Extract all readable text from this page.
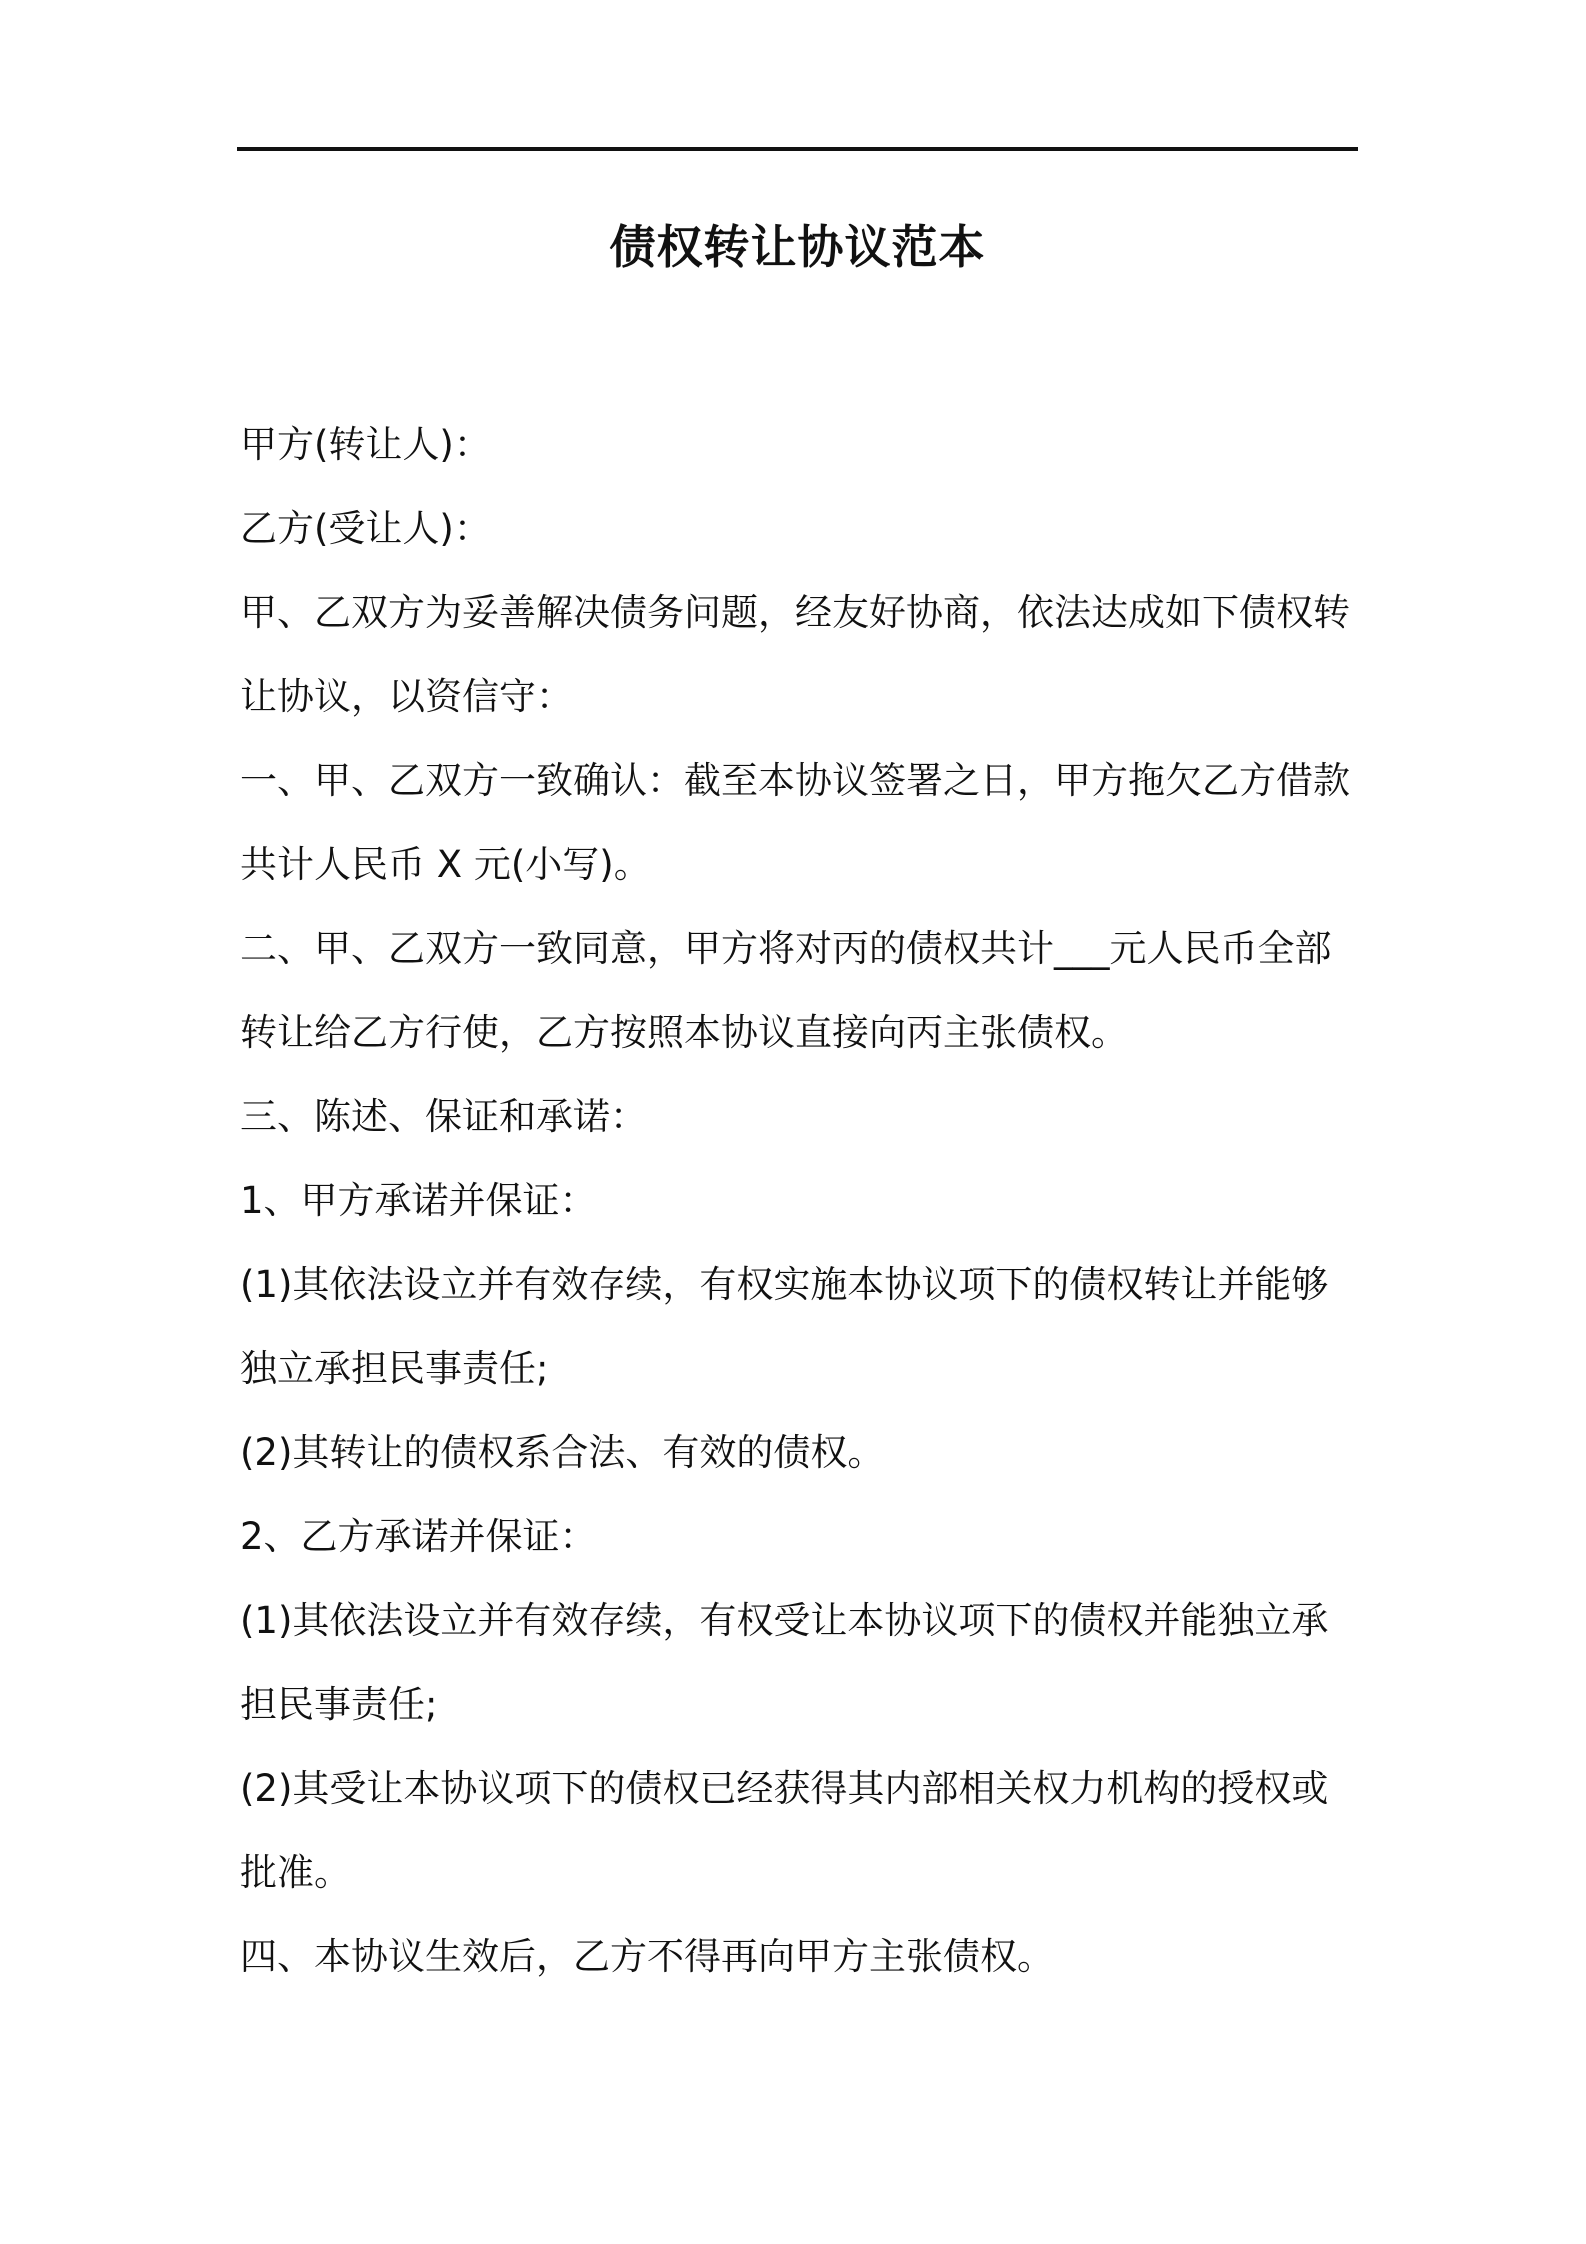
债权转让协议范本

甲方(转让人)：

乙方(受让人)：

甲、乙双方为妥善解决债务问题，经友好协商，依法达成如下债权转让协议，以资信守：

一、甲、乙双方一致确认：截至本协议签署之日，甲方拖欠乙方借款共计人民币 X 元(小写)。

二、甲、乙双方一致同意，甲方将对丙的债权共计___元人民币全部转让给乙方行使，乙方按照本协议直接向丙主张债权。

三、陈述、保证和承诺：

1、甲方承诺并保证：

(1)其依法设立并有效存续，有权实施本协议项下的债权转让并能够独立承担民事责任;

(2)其转让的债权系合法、有效的债权。

2、乙方承诺并保证：

(1)其依法设立并有效存续，有权受让本协议项下的债权并能独立承担民事责任;

(2)其受让本协议项下的债权已经获得其内部相关权力机构的授权或批准。

四、本协议生效后，乙方不得再向甲方主张债权。
